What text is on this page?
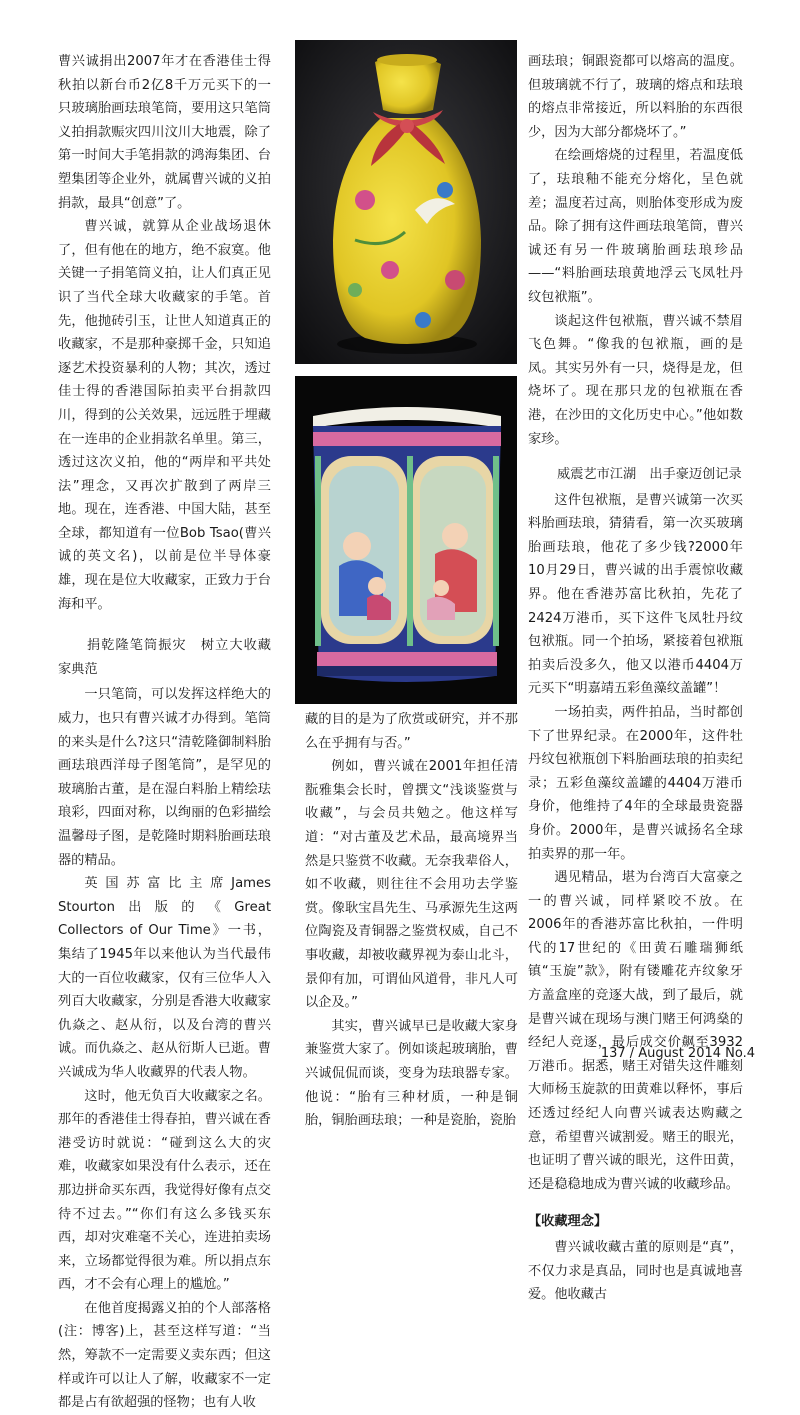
曹兴诚捐出2007年才在香港佳士得秋拍以新台币2亿8千万元买下的一只玻璃胎画珐琅笔筒，要用这只笔筒义拍捐款赈灾四川汶川大地震，除了第一时间大手笔捐款的鸿海集团、台塑集团等企业外，就属曹兴诚的义拍捐款，最具“创意”了。

曹兴诚，就算从企业战场退休了，但有他在的地方，绝不寂寞。他关键一子捐笔筒义拍，让人们真正见识了当代全球大收藏家的手笔。首先，他抛砖引玉，让世人知道真正的收藏家，不是那种豪掷千金，只知追逐艺术投资暴利的人物；其次，透过佳士得的香港国际拍卖平台捐款四川，得到的公关效果，远远胜于埋藏在一连串的企业捐款名单里。第三，透过这次义拍，他的“两岸和平共处法”理念，又再次扩散到了两岸三地。现在，连香港、中国大陆，甚至全球，都知道有一位Bob Tsao(曹兴诚的英文名)，以前是位半导体豪雄，现在是位大收藏家，正致力于台海和平。

捐乾隆笔筒振灾　树立大收藏家典范

一只笔筒，可以发挥这样绝大的威力，也只有曹兴诚才办得到。笔筒的来头是什么?这只“清乾隆御制料胎画珐琅西洋母子图笔筒”，是罕见的玻璃胎古董，是在湿白料胎上精绘珐琅彩，四面对称，以绚丽的色彩描绘温馨母子图，是乾隆时期料胎画珐琅器的精品。

英国苏富比主席James Stourton出版的《Great Collectors of Our Time》一书，集结了1945年以来他认为当代最伟大的一百位收藏家，仅有三位华人入列百大收藏家，分别是香港大收藏家仇焱之、赵从衍，以及台湾的曹兴诚。而仇焱之、赵从衍斯人已逝。曹兴诚成为华人收藏界的代表人物。

这时，他无负百大收藏家之名。那年的香港佳士得春拍，曹兴诚在香港受访时就说：“碰到这么大的灾难，收藏家如果没有什么表示，还在那边拼命买东西，我觉得好像有点交待不过去。”“你们有这么多钱买东西，却对灾难毫不关心，连进拍卖场来，立场都觉得很为难。所以捐点东西，才不会有心理上的尴尬。”

在他首度揭露义拍的个人部落格(注：博客)上，甚至这样写道：“当然，筹款不一定需要义卖东西；但这样或许可以让人了解，收藏家不一定都是占有欲超强的怪物；也有人收

藏的目的是为了欣赏或研究，并不那么在乎拥有与否。”

例如，曹兴诚在2001年担任清翫雅集会长时，曾撰文“浅谈鉴赏与收藏”，与会员共勉之。他这样写道：“对古董及艺术品，最高境界当然是只鉴赏不收藏。无奈我辈俗人，如不收藏，则往往不会用功去学鉴赏。像耿宝昌先生、马承源先生这两位陶瓷及青铜器之鉴赏权威，自己不事收藏，却被收藏界视为泰山北斗，景仰有加，可谓仙风道骨，非凡人可以企及。”

其实，曹兴诚早已是收藏大家身兼鉴赏大家了。例如谈起玻璃胎，曹兴诚侃侃而谈，变身为珐琅器专家。他说：“胎有三种材质，一种是铜胎，铜胎画珐琅；一种是瓷胎，瓷胎

画珐琅；铜跟瓷都可以熔高的温度。但玻璃就不行了，玻璃的熔点和珐琅的熔点非常接近，所以料胎的东西很少，因为大部分都烧坏了。”

在绘画熔烧的过程里，若温度低了，珐琅釉不能充分熔化，呈色就差；温度若过高，则胎体变形成为废品。除了拥有这件画珐琅笔筒，曹兴诚还有另一件玻璃胎画珐琅珍品——“料胎画珐琅黄地浮云飞凤牡丹纹包袱瓶”。

谈起这件包袱瓶，曹兴诚不禁眉飞色舞。“像我的包袱瓶，画的是凤。其实另外有一只，烧得是龙，但烧坏了。现在那只龙的包袱瓶在香港，在沙田的文化历史中心。”他如数家珍。

威震艺市江湖　出手豪迈创记录

这件包袱瓶，是曹兴诚第一次买料胎画珐琅，猜猜看，第一次买玻璃胎画珐琅，他花了多少钱?2000年10月29日，曹兴诚的出手震惊收藏界。他在香港苏富比秋拍，先花了2424万港币，买下这件飞凤牡丹纹包袱瓶。同一个拍场，紧接着包袱瓶拍卖后没多久，他又以港币4404万元买下“明嘉靖五彩鱼藻纹盖罐”！

一场拍卖，两件拍品，当时都创下了世界纪录。在2000年，这件牡丹纹包袱瓶创下料胎画珐琅的拍卖纪录；五彩鱼藻纹盖罐的4404万港币身价，他维持了4年的全球最贵瓷器身价。2000年，是曹兴诚扬名全球拍卖界的那一年。

遇见精品，堪为台湾百大富豪之一的曹兴诚，同样紧咬不放。在2006年的香港苏富比秋拍，一件明代的17世纪的《田黄石雕瑞狮纸镇“玉旋”款》，附有镂雕花卉纹象牙方盖盒座的竞逐大战，到了最后，就是曹兴诚在现场与澳门赌王何鸿燊的经纪人竞逐，最后成交价飙至3932万港币。据悉，赌王对错失这件雕刻大师杨玉旋款的田黄难以释怀，事后还透过经纪人向曹兴诚表达购藏之意，希望曹兴诚割爱。赌王的眼光，也证明了曹兴诚的眼光，这件田黄，还是稳稳地成为曹兴诚的收藏珍品。

【收藏理念】

曹兴诚收藏古董的原则是“真”，不仅力求是真品，同时也是真诚地喜爱。他收藏古

137 / August 2014 No.4
